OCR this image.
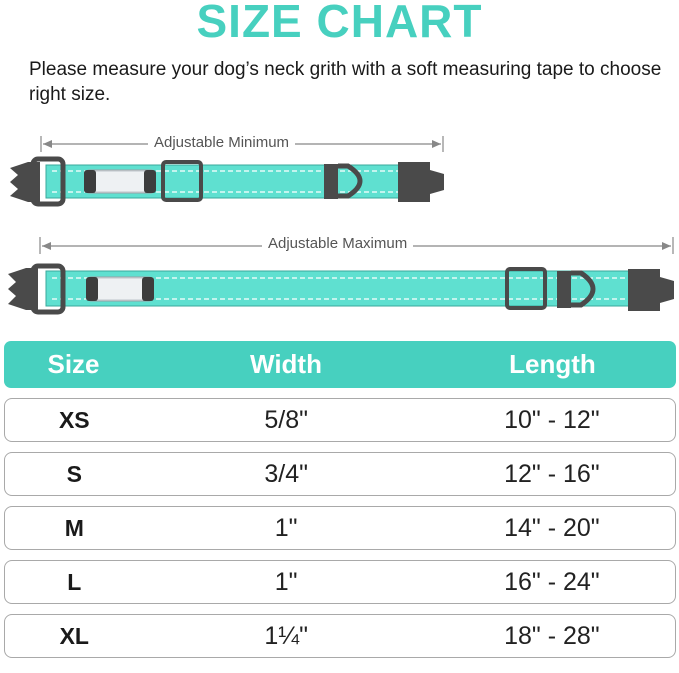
SIZE CHART
Please measure your dog’s neck grith with a soft measuring tape to choose right size.
Adjustable Minimum
Adjustable Maximum
Size	Width	Length
XS	5/8"	10" - 12"
S	3/4"	12" - 16"
M	1"	14" - 20"
L	1"	16" - 24"
XL	1¼"	18" - 28"
